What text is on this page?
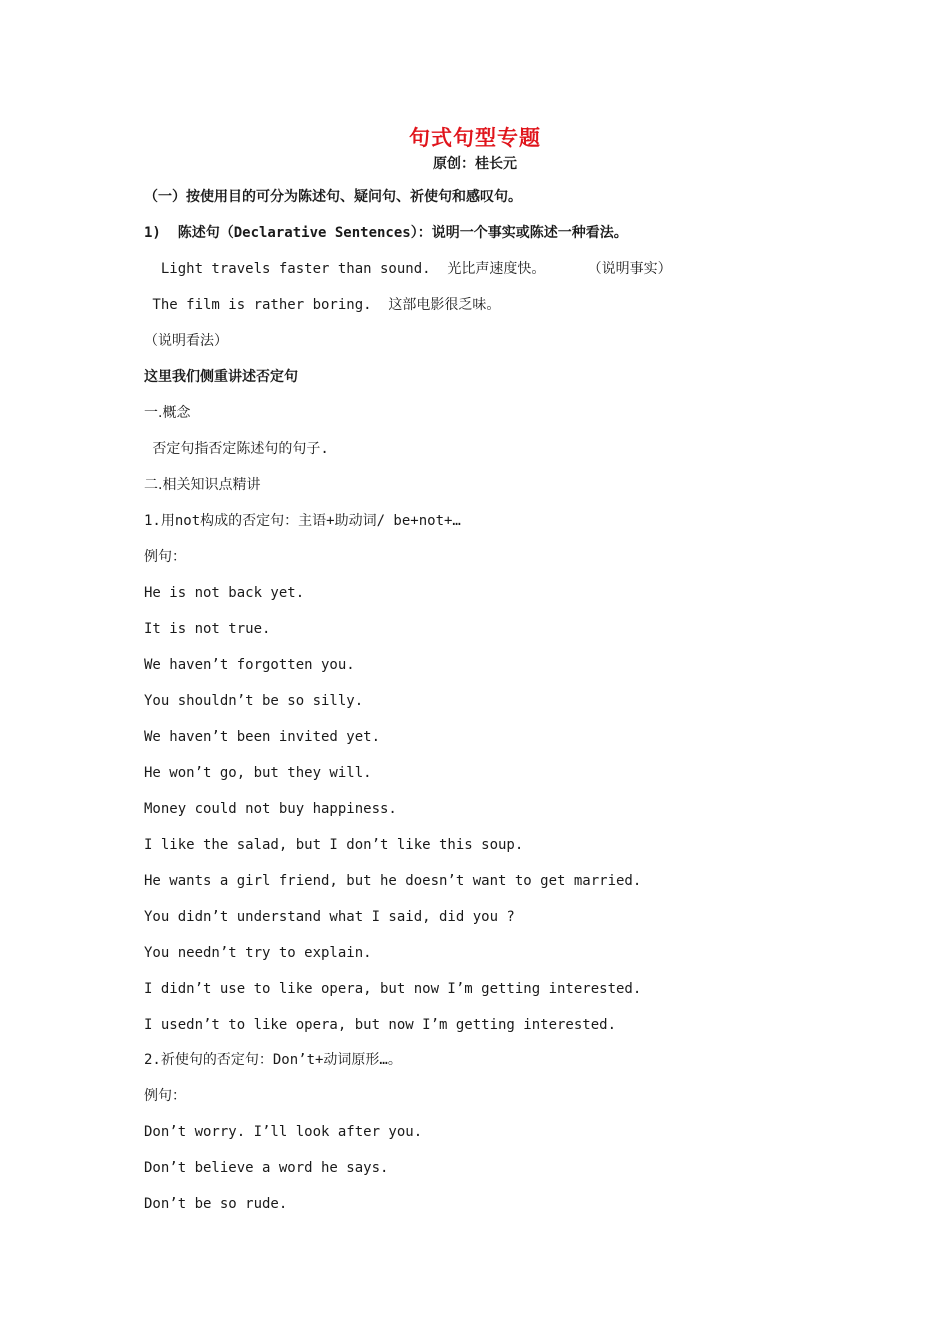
句式句型专题
原创：桂长元
（一）按使用目的可分为陈述句、疑问句、祈使句和感叹句。
1)  陈述句（Declarative Sentences）：说明一个事实或陈述一种看法。
Light travels faster than sound.  光比声速度快。     （说明事实）
The film is rather boring.  这部电影很乏味。
（说明看法）
这里我们侧重讲述否定句
一.概念
否定句指否定陈述句的句子.
二.相关知识点精讲
1.用not构成的否定句：主语+助动词/ be+not+…
例句：
He is not back yet.
It is not true.
We haven’t forgotten you.
You shouldn’t be so silly.
We haven’t been invited yet.
He won’t go, but they will.
Money could not buy happiness.
I like the salad, but I don’t like this soup.
He wants a girl friend, but he doesn’t want to get married.
You didn’t understand what I said, did you ?
You needn’t try to explain.
I didn’t use to like opera, but now I’m getting interested.
I usedn’t to like opera, but now I’m getting interested.
2.祈使句的否定句：Don’t+动词原形…。
例句：
Don’t worry. I’ll look after you.
Don’t believe a word he says.
Don’t be so rude.
